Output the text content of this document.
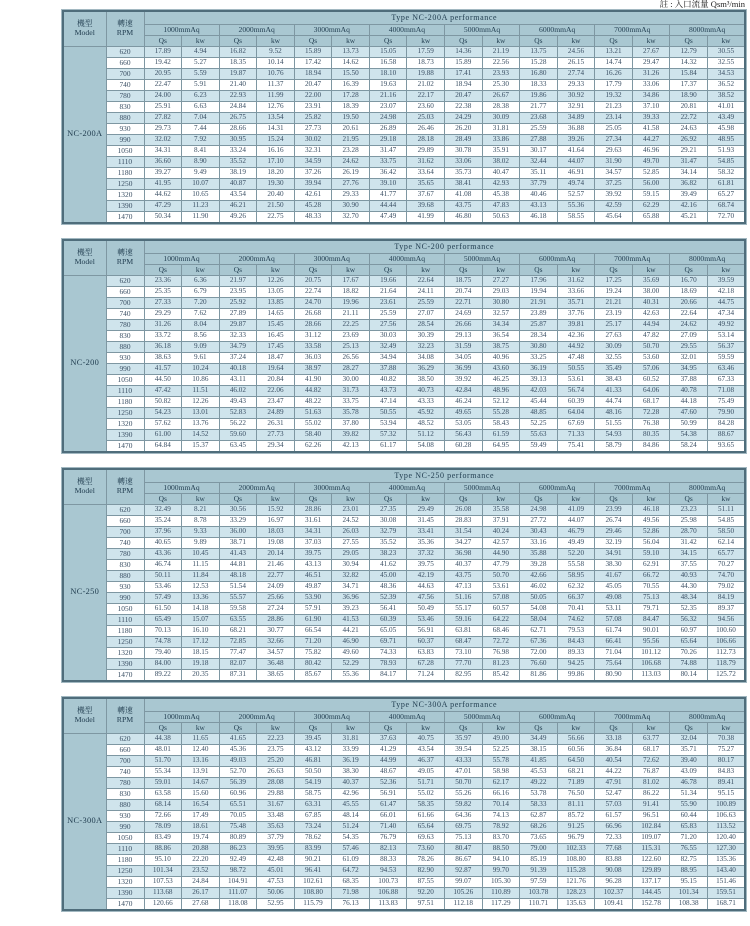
註 : 入口流量 Qsm³/min
機型
Model

轉速
RPM
	Type NC-200A performance
		1000mmAq		2000mmAq		3000mmAq		4000mmAq		5000mmAq		6000mmAq		7000mmAq		8000mmAq	
		Qs	kw	Qs	kw	Qs	kw	Qs	kw	Qs	kw	Qs	kw	Qs	kw	Qs	kw
NC-200A	620	17.89	4.94	16.82	9.52	15.89	13.73	15.05	17.59	14.36	21.19	13.75	24.56	13.21	27.67	12.79	30.55
	660	19.42	5.27	18.35	10.14	17.42	14.62	16.58	18.73	15.89	22.56	15.28	26.15	14.74	29.47	14.32	32.55
	700	20.95	5.59	19.87	10.76	18.94	15.50	18.10	19.88	17.41	23.93	16.80	27.74	16.26	31.26	15.84	34.53
	740	22.47	5.91	21.40	11.37	20.47	16.39	19.63	21.02	18.94	25.30	18.33	29.33	17.79	33.06	17.37	36.52
	780	24.00	6.23	22.93	11.99	22.00	17.28	21.16	22.17	20.47	26.67	19.86	30.92	19.32	34.86	18.90	38.52
	830	25.91	6.63	24.84	12.76	23.91	18.39	23.07	23.60	22.38	28.38	21.77	32.91	21.23	37.10	20.81	41.01
	880	27.82	7.04	26.75	13.54	25.82	19.50	24.98	25.03	24.29	30.09	23.68	34.89	23.14	39.33	22.72	43.49
	930	29.73	7.44	28.66	14.31	27.73	20.61	26.89	26.46	26.20	31.81	25.59	36.88	25.05	41.58	24.63	45.98
	990	32.02	7.92	30.95	15.24	30.02	21.95	29.18	28.18	28.49	33.86	27.88	39.26	27.34	44.27	26.92	48.95
	1050	34.31	8.41	33.24	16.16	32.31	23.28	31.47	29.89	30.78	35.91	30.17	41.64	29.63	46.96	29.21	51.93
	1110	36.60	8.90	35.52	17.10	34.59	24.62	33.75	31.62	33.06	38.02	32.44	44.07	31.90	49.70	31.47	54.85
	1180	39.27	9.49	38.19	18.20	37.26	26.19	36.42	33.64	35.73	40.47	35.11	46.91	34.57	52.85	34.14	58.32
	1250	41.95	10.07	40.87	19.30	39.94	27.76	39.10	35.65	38.41	42.93	37.79	49.74	37.25	56.00	36.82	61.81
	1320	44.62	10.65	43.54	20.40	42.61	29.33	41.77	37.67	41.08	45.38	40.46	52.57	39.92	59.15	39.49	65.27
	1390	47.29	11.23	46.21	21.50	45.28	30.90	44.44	39.68	43.75	47.83	43.13	55.36	42.59	62.29	42.16	68.74
	1470	50.34	11.90	49.26	22.75	48.33	32.70	47.49	41.99	46.80	50.63	46.18	58.55	45.64	65.88	45.21	72.70
機型
Model

轉速
RPM
	Type NC-200 performance
		1000mmAq		2000mmAq		3000mmAq		4000mmAq		5000mmAq		6000mmAq		7000mmAq		8000mmAq	
		Qs	kw	Qs	kw	Qs	kw	Qs	kw	Qs	kw	Qs	kw	Qs	kw	Qs	kw
NC-200	620	23.36	6.36	21.97	12.26	20.75	17.67	19.66	22.64	18.75	27.27	17.96	31.62	17.25	35.69	16.70	39.59
	660	25.35	6.79	23.95	13.05	22.74	18.82	21.64	24.11	20.74	29.03	19.94	33.66	19.24	38.00	18.69	42.18
	700	27.33	7.20	25.92	13.85	24.70	19.96	23.61	25.59	22.71	30.80	21.91	35.71	21.21	40.31	20.66	44.75
	740	29.29	7.62	27.89	14.65	26.68	21.11	25.59	27.07	24.69	32.57	23.89	37.76	23.19	42.63	22.64	47.34
	780	31.26	8.04	29.87	15.45	28.66	22.25	27.56	28.54	26.66	34.34	25.87	39.81	25.17	44.94	24.62	49.92
	830	33.72	8.56	32.33	16.45	31.12	23.69	30.03	30.39	29.13	36.54	28.34	42.36	27.63	47.82	27.09	53.14
	880	36.18	9.09	34.79	17.45	33.58	25.13	32.49	32.23	31.59	38.75	30.80	44.92	30.09	50.70	29.55	56.37
	930	38.63	9.61	37.24	18.47	36.03	26.56	34.94	34.08	34.05	40.96	33.25	47.48	32.55	53.60	32.01	59.59
	990	41.57	10.24	40.18	19.64	38.97	28.27	37.88	36.29	36.99	43.60	36.19	50.55	35.49	57.06	34.95	63.46
	1050	44.50	10.86	43.11	20.84	41.90	30.00	40.82	38.50	39.92	46.25	39.13	53.61	38.43	60.52	37.88	67.33
	1110	47.42	11.51	46.02	22.06	44.82	31.73	43.73	40.73	42.84	48.96	42.03	56.74	41.33	64.06	40.78	71.08
	1180	50.82	12.26	49.43	23.47	48.22	33.75	47.14	43.33	46.24	52.12	45.44	60.39	44.74	68.17	44.18	75.49
	1250	54.23	13.01	52.83	24.89	51.63	35.78	50.55	45.92	49.65	55.28	48.85	64.04	48.16	72.28	47.60	79.90
	1320	57.62	13.76	56.22	26.31	55.02	37.80	53.94	48.52	53.05	58.43	52.25	67.69	51.55	76.38	50.99	84.28
	1390	61.00	14.52	59.60	27.73	58.40	39.82	57.32	51.12	56.43	61.59	55.63	71.33	54.93	80.35	54.38	88.67
	1470	64.84	15.37	63.45	29.34	62.26	42.13	61.17	54.08	60.28	64.95	59.49	75.41	58.79	84.86	58.24	93.65
機型
Model

轉速
RPM
	Type NC-250 performance
		1000mmAq		2000mmAq		3000mmAq		4000mmAq		5000mmAq		6000mmAq		7000mmAq		8000mmAq	
		Qs	kw	Qs	kw	Qs	kw	Qs	kw	Qs	kw	Qs	kw	Qs	kw	Qs	kw
NC-250	620	32.49	8.21	30.56	15.92	28.86	23.01	27.35	29.49	26.08	35.58	24.98	41.09	23.99	46.18	23.23	51.11
	660	35.24	8.78	33.29	16.97	31.61	24.52	30.08	31.45	28.83	37.91	27.72	44.07	26.74	49.56	25.98	54.85
	700	37.96	9.33	36.00	18.03	34.31	26.03	32.79	33.41	31.54	40.24	30.43	46.79	29.46	52.86	28.70	58.50
	740	40.65	9.89	38.71	19.08	37.03	27.55	35.52	35.36	34.27	42.57	33.16	49.49	32.19	56.04	31.42	62.14
	780	43.36	10.45	41.43	20.14	39.75	29.05	38.23	37.32	36.98	44.90	35.88	52.20	34.91	59.10	34.15	65.77
	830	46.74	11.15	44.81	21.46	43.13	30.94	41.62	39.75	40.37	47.79	39.28	55.58	38.30	62.91	37.55	70.27
	880	50.11	11.84	48.18	22.77	46.51	32.82	45.00	42.19	43.75	50.70	42.66	58.95	41.67	66.72	40.93	74.70
	930	53.46	12.53	51.54	24.09	49.87	34.71	48.36	44.63	47.13	53.61	46.02	62.32	45.05	70.55	44.30	79.02
	990	57.49	13.36	55.57	25.66	53.90	36.96	52.39	47.56	51.16	57.08	50.05	66.37	49.08	75.13	48.34	84.19
	1050	61.50	14.18	59.58	27.24	57.91	39.23	56.41	50.49	55.17	60.57	54.08	70.41	53.11	79.71	52.35	89.37
	1110	65.49	15.07	63.55	28.86	61.90	41.53	60.39	53.46	59.16	64.22	58.04	74.62	57.08	84.47	56.32	94.56
	1180	70.13	16.10	68.21	30.77	66.54	44.21	65.05	56.91	63.81	68.46	62.71	79.53	61.74	90.01	60.97	100.60
	1250	74.78	17.12	72.85	32.66	71.20	46.90	69.71	60.37	68.47	72.72	67.36	84.43	66.41	95.56	65.64	106.66
	1320	79.40	18.15	77.47	34.57	75.82	49.60	74.33	63.83	73.10	76.98	72.00	89.33	71.04	101.12	70.26	112.73
	1390	84.00	19.18	82.07	36.48	80.42	52.29	78.93	67.28	77.70	81.23	76.60	94.25	75.64	106.68	74.88	118.79
	1470	89.22	20.35	87.31	38.65	85.67	55.36	84.17	71.24	82.95	85.42	81.86	99.86	80.90	113.03	80.14	125.72
機型
Model

轉速
RPM
	Type NC-300A performance
		1000mmAq		2000mmAq		3000mmAq		4000mmAq		5000mmAq		6000mmAq		7000mmAq		8000mmAq	
		Qs	kw	Qs	kw	Qs	kw	Qs	kw	Qs	kw	Qs	kw	Qs	kw	Qs	kw
NC-300A	620	44.38	11.65	41.65	22.23	39.45	31.81	37.63	40.75	35.97	49.00	34.49	56.66	33.18	63.77	32.04	70.38
	660	48.01	12.40	45.36	23.75	43.12	33.99	41.29	43.54	39.54	52.25	38.15	60.56	36.84	68.17	35.71	75.27
	700	51.70	13.16	49.03	25.20	46.81	36.19	44.99	46.37	43.33	55.78	41.85	64.50	40.54	72.62	39.40	80.17
	740	55.34	13.91	52.70	26.63	50.50	38.30	48.67	49.05	47.01	58.98	45.53	68.21	44.22	76.87	43.09	84.83
	780	59.01	14.67	56.39	28.08	54.19	40.37	52.36	51.71	50.70	62.17	49.22	71.89	47.91	81.02	46.78	89.41
	830	63.58	15.60	60.96	29.88	58.75	42.96	56.91	55.02	55.26	66.16	53.78	76.50	52.47	86.22	51.34	95.15
	880	68.14	16.54	65.51	31.67	63.31	45.55	61.47	58.35	59.82	70.14	58.33	81.11	57.03	91.41	55.90	100.89
	930	72.66	17.49	70.05	33.48	67.85	48.14	66.01	61.66	64.36	74.13	62.87	85.72	61.57	96.51	60.44	106.63
	990	78.09	18.61	75.48	35.63	73.24	51.24	71.40	65.64	69.75	78.92	68.26	91.25	66.96	102.84	65.83	113.52
	1050	83.49	19.74	80.89	37.79	78.62	54.35	76.79	69.63	75.13	83.70	73.65	96.79	72.33	109.07	71.20	120.40
	1110	88.86	20.88	86.23	39.95	83.99	57.46	82.13	73.60	80.47	88.50	79.00	102.33	77.68	115.31	76.55	127.30
	1180	95.10	22.20	92.49	42.48	90.21	61.09	88.33	78.26	86.67	94.10	85.19	108.80	83.88	122.60	82.75	135.36
	1250	101.34	23.52	98.72	45.01	96.41	64.72	94.53	82.90	92.87	99.70	91.39	115.28	90.08	129.89	88.95	143.40
	1320	107.53	24.84	104.91	47.53	102.61	68.35	100.73	87.55	99.07	105.30	97.59	121.76	96.28	137.17	95.15	151.46
	1390	113.68	26.17	111.07	50.06	108.80	71.98	106.88	92.20	105.26	110.89	103.78	128.23	102.37	144.45	101.34	159.51
	1470	120.66	27.68	118.08	52.95	115.79	76.13	113.83	97.51	112.18	117.29	110.71	135.63	109.41	152.78	108.38	168.71
